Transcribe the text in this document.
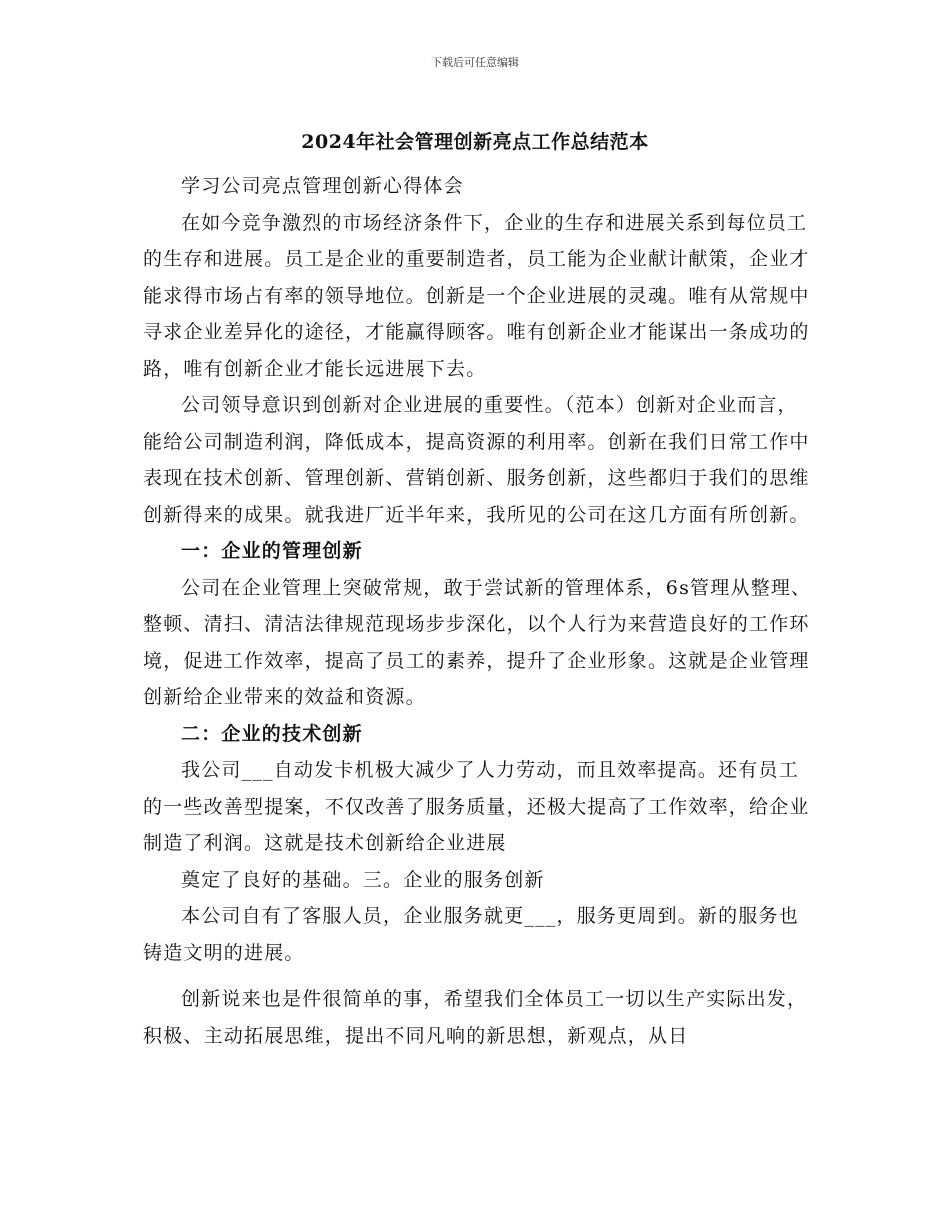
下载后可任意编辑
2024年社会管理创新亮点工作总结范本

学习公司亮点管理创新心得体会

在如今竞争激烈的市场经济条件下，企业的生存和进展关系到每位员工的生存和进展。员工是企业的重要制造者，员工能为企业献计献策，企业才能求得市场占有率的领导地位。创新是一个企业进展的灵魂。唯有从常规中寻求企业差异化的途径，才能赢得顾客。唯有创新企业才能谋出一条成功的路，唯有创新企业才能长远进展下去。

公司领导意识到创新对企业进展的重要性。（范本）创新对企业而言，能给公司制造利润，降低成本，提高资源的利用率。创新在我们日常工作中表现在技术创新、管理创新、营销创新、服务创新，这些都归于我们的思维创新得来的成果。就我进厂近半年来，我所见的公司在这几方面有所创新。

一：企业的管理创新

公司在企业管理上突破常规，敢于尝试新的管理体系，6s管理从整理、整顿、清扫、清洁法律规范现场步步深化，以个人行为来营造良好的工作环境，促进工作效率，提高了员工的素养，提升了企业形象。这就是企业管理创新给企业带来的效益和资源。

二：企业的技术创新

我公司___自动发卡机极大减少了人力劳动，而且效率提高。还有员工的一些改善型提案，不仅改善了服务质量，还极大提高了工作效率，给企业制造了利润。这就是技术创新给企业进展

奠定了良好的基础。三。企业的服务创新

本公司自有了客服人员，企业服务就更___，服务更周到。新的服务也铸造文明的进展。

创新说来也是件很简单的事，希望我们全体员工一切以生产实际出发，积极、主动拓展思维，提出不同凡响的新思想，新观点，从日
